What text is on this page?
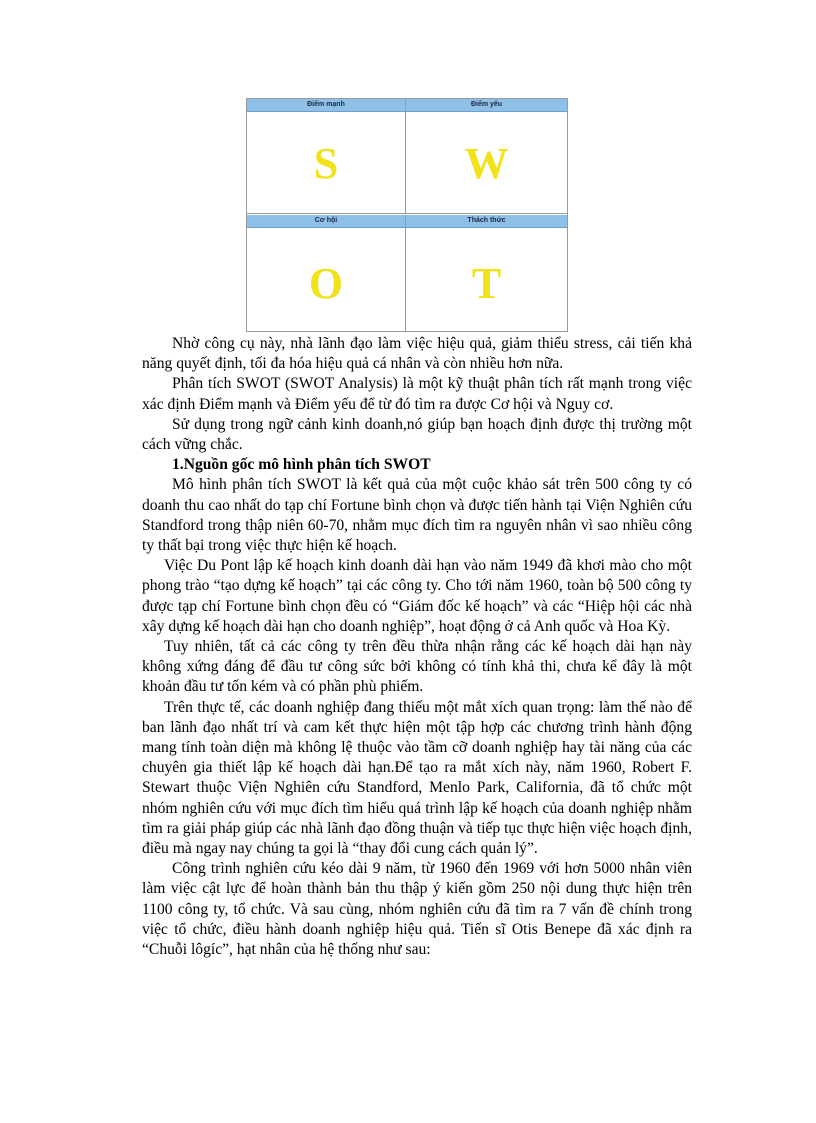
Điểm mạnh
S
Điểm yếu
W
Cơ hội
O
Thách thức
T

Nhờ công cụ này, nhà lãnh đạo làm việc hiệu quả, giảm thiểu stress, cải tiến khả năng quyết định, tối đa hóa hiệu quả cá nhân và còn nhiều hơn nữa.

Phân tích SWOT (SWOT Analysis) là một kỹ thuật phân tích rất mạnh trong việc xác định Điểm mạnh và Điểm yếu để từ đó tìm ra được Cơ hội và Nguy cơ.

Sử dụng trong ngữ cảnh kinh doanh,nó giúp bạn hoạch định được thị trường một cách vững chắc.

1.Nguồn gốc mô hình phân tích SWOT

Mô hình phân tích SWOT là kết quả của một cuộc khảo sát trên 500 công ty có doanh thu cao nhất do tạp chí Fortune bình chọn và được tiến hành tại Viện Nghiên cứu Standford trong thập niên 60-70, nhằm mục đích tìm ra nguyên nhân vì sao nhiều công ty thất bại trong việc thực hiện kế hoạch.

Việc Du Pont lập kế hoạch kinh doanh dài hạn vào năm 1949 đã khơi mào cho một phong trào “tạo dựng kế hoạch” tại các công ty. Cho tới năm 1960, toàn bộ 500 công ty được tạp chí Fortune bình chọn đều có “Giám đốc kế hoạch” và các “Hiệp hội các nhà xây dựng kế hoạch dài hạn cho doanh nghiệp”, hoạt động ở cả Anh quốc và Hoa Kỳ.

Tuy nhiên, tất cả các công ty trên đều thừa nhận rằng các kế hoạch dài hạn này không xứng đáng để đầu tư công sức bởi không có tính khả thi, chưa kể đây là một khoản đầu tư tốn kém và có phần phù phiếm.

Trên thực tế, các doanh nghiệp đang thiếu một mắt xích quan trọng: làm thế nào để ban lãnh đạo nhất trí và cam kết thực hiện một tập hợp các chương trình hành động mang tính toàn diện mà không lệ thuộc vào tầm cỡ doanh nghiệp hay tài năng của các chuyên gia thiết lập kế hoạch dài hạn.Để tạo ra mắt xích này, năm 1960, Robert F. Stewart thuộc Viện Nghiên cứu Standford, Menlo Park, California, đã tổ chức một nhóm nghiên cứu với mục đích tìm hiểu quá trình lập kế hoạch của doanh nghiệp nhằm tìm ra giải pháp giúp các nhà lãnh đạo đồng thuận và tiếp tục thực hiện việc hoạch định, điều mà ngay nay chúng ta gọi là “thay đổi cung cách quản lý”.

Công trình nghiên cứu kéo dài 9 năm, từ 1960 đến 1969 với hơn 5000 nhân viên làm việc cật lực để hoàn thành bản thu thập ý kiến gồm 250 nội dung thực hiện trên 1100 công ty, tổ chức. Và sau cùng, nhóm nghiên cứu đã tìm ra 7 vấn đề chính trong việc tổ chức, điều hành doanh nghiệp hiệu quả. Tiến sĩ Otis Benepe đã xác định ra “Chuỗi lôgíc”, hạt nhân của hệ thống như sau:
